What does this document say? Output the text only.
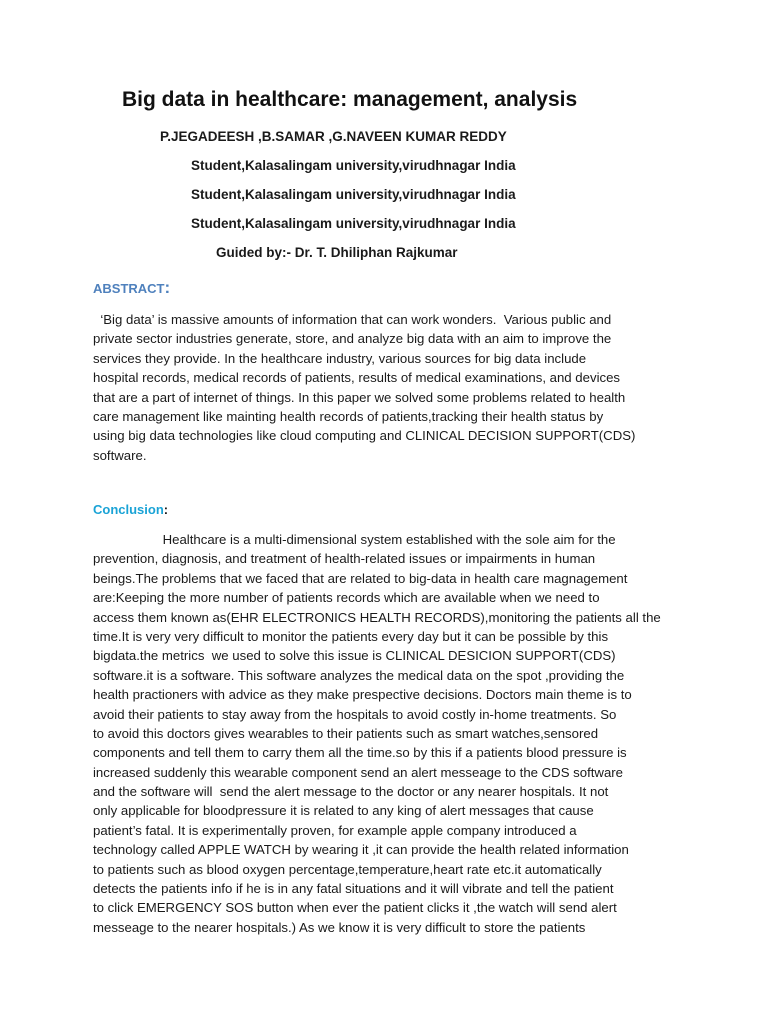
Big data in healthcare: management, analysis
P.JEGADEESH ,B.SAMAR ,G.NAVEEN KUMAR REDDY
Student,Kalasalingam university,virudhnagar India
Student,Kalasalingam university,virudhnagar India
Student,Kalasalingam university,virudhnagar India
Guided by:- Dr. T. Dhiliphan Rajkumar
ABSTRACT:
‘Big data’ is massive amounts of information that can work wonders.  Various public and
private sector industries generate, store, and analyze big data with an aim to improve the
services they provide. In the healthcare industry, various sources for big data include
hospital records, medical records of patients, results of medical examinations, and devices
that are a part of internet of things. In this paper we solved some problems related to health
care management like mainting health records of patients,tracking their health status by
using big data technologies like cloud computing and CLINICAL DECISION SUPPORT(CDS)
software.
Conclusion:
Healthcare is a multi-dimensional system established with the sole aim for the
prevention, diagnosis, and treatment of health-related issues or impairments in human
beings.The problems that we faced that are related to big-data in health care magnagement
are:Keeping the more number of patients records which are available when we need to
access them known as(EHR ELECTRONICS HEALTH RECORDS),monitoring the patients all the
time.It is very very difficult to monitor the patients every day but it can be possible by this
bigdata.the metrics  we used to solve this issue is CLINICAL DESICION SUPPORT(CDS)
software.it is a software. This software analyzes the medical data on the spot ,providing the
health practioners with advice as they make prespective decisions. Doctors main theme is to
avoid their patients to stay away from the hospitals to avoid costly in-home treatments. So
to avoid this doctors gives wearables to their patients such as smart watches,sensored
components and tell them to carry them all the time.so by this if a patients blood pressure is
increased suddenly this wearable component send an alert messeage to the CDS software
and the software will  send the alert message to the doctor or any nearer hospitals. It not
only applicable for bloodpressure it is related to any king of alert messages that cause
patient’s fatal. It is experimentally proven, for example apple company introduced a
technology called APPLE WATCH by wearing it ,it can provide the health related information
to patients such as blood oxygen percentage,temperature,heart rate etc.it automatically
detects the patients info if he is in any fatal situations and it will vibrate and tell the patient
to click EMERGENCY SOS button when ever the patient clicks it ,the watch will send alert
messeage to the nearer hospitals.) As we know it is very difficult to store the patients
